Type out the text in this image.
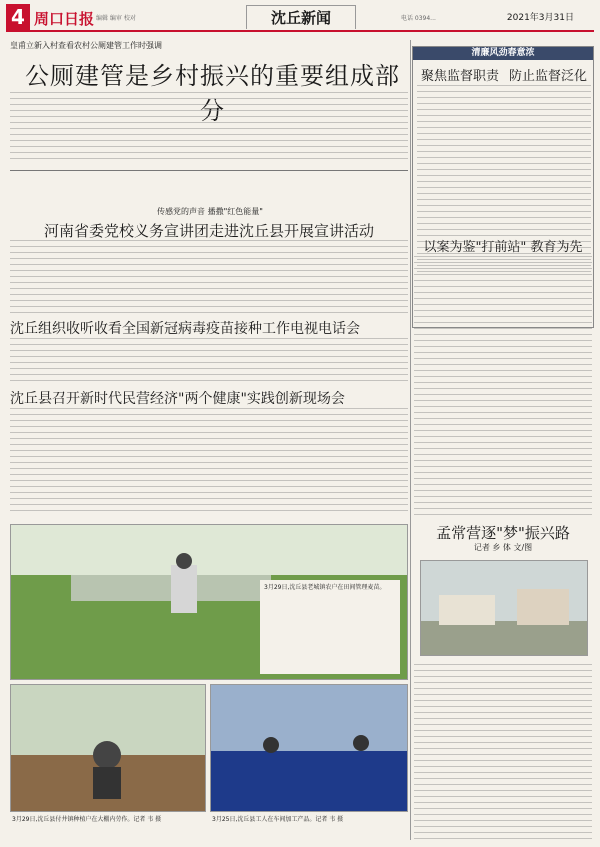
4 周口日报 编辑 编审 校对	电话 0394...
沈丘新闻	2021年3月31日
皇甫立新入村查看农村公厕建管工作时强调
公厕建管是乡村振兴的重要组成部分
传感党的声音 播撒"红色能量"
河南省委党校义务宣讲团走进沈丘县开展宣讲活动
沈丘组织收听收看全国新冠病毒疫苗接种工作电视电话会
沈丘县召开新时代民营经济"两个健康"实践创新现场会
清廉风劲春意浓
聚焦监督职责 防止监督泛化
以案为鉴"打前站" 教育为先
3月29日,沈丘县老城镇农户在田间管理麦苗。
3月29日,沈丘县付井镇种植户在大棚内劳作。记者 韦 摄	3月25日,沈丘县工人在车间加工产品。记者 韦 摄
孟常营逐"梦"振兴路
记者 乡 体 文/图
